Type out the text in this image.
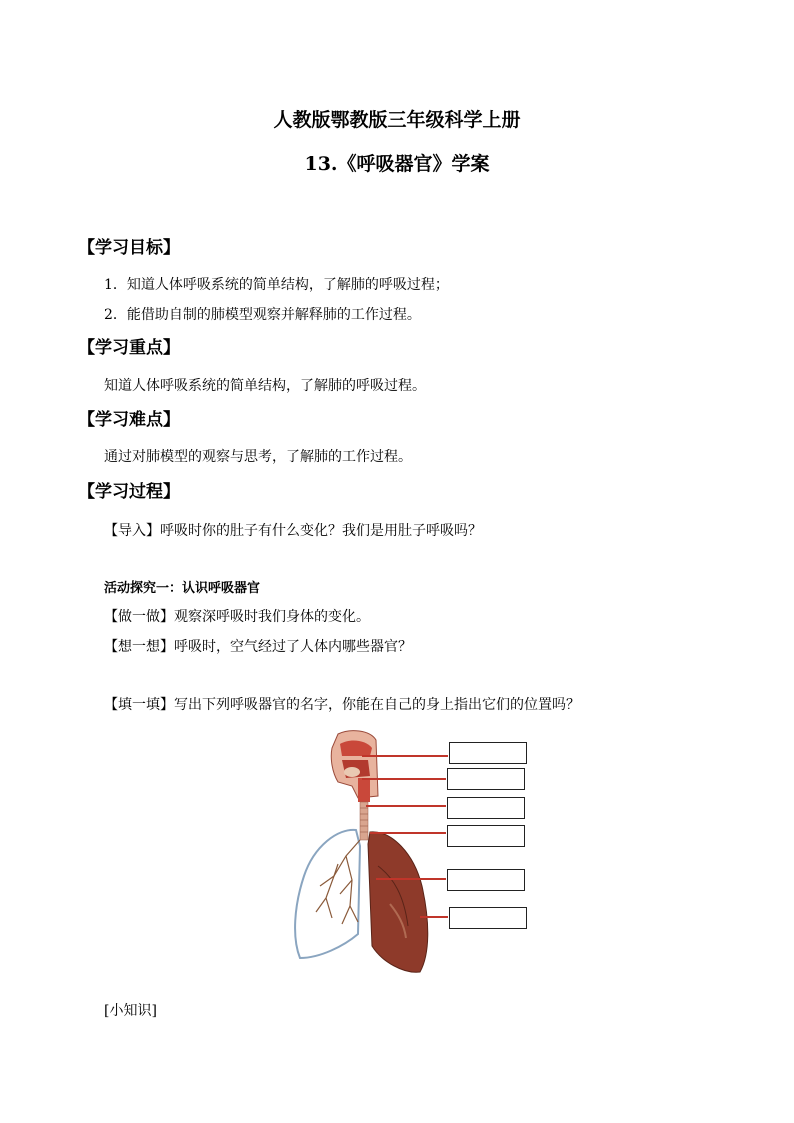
人教版鄂教版三年级科学上册
13.《呼吸器官》学案
【学习目标】
1．知道人体呼吸系统的简单结构，了解肺的呼吸过程；
2．能借助自制的肺模型观察并解释肺的工作过程。
【学习重点】
知道人体呼吸系统的简单结构，了解肺的呼吸过程。
【学习难点】
通过对肺模型的观察与思考，了解肺的工作过程。
【学习过程】
【导入】呼吸时你的肚子有什么变化？我们是用肚子呼吸吗？
活动探究一：认识呼吸器官
【做一做】观察深呼吸时我们身体的变化。
【想一想】呼吸时，空气经过了人体内哪些器官？
【填一填】写出下列呼吸器官的名字，你能在自己的身上指出它们的位置吗？
[小知识]
